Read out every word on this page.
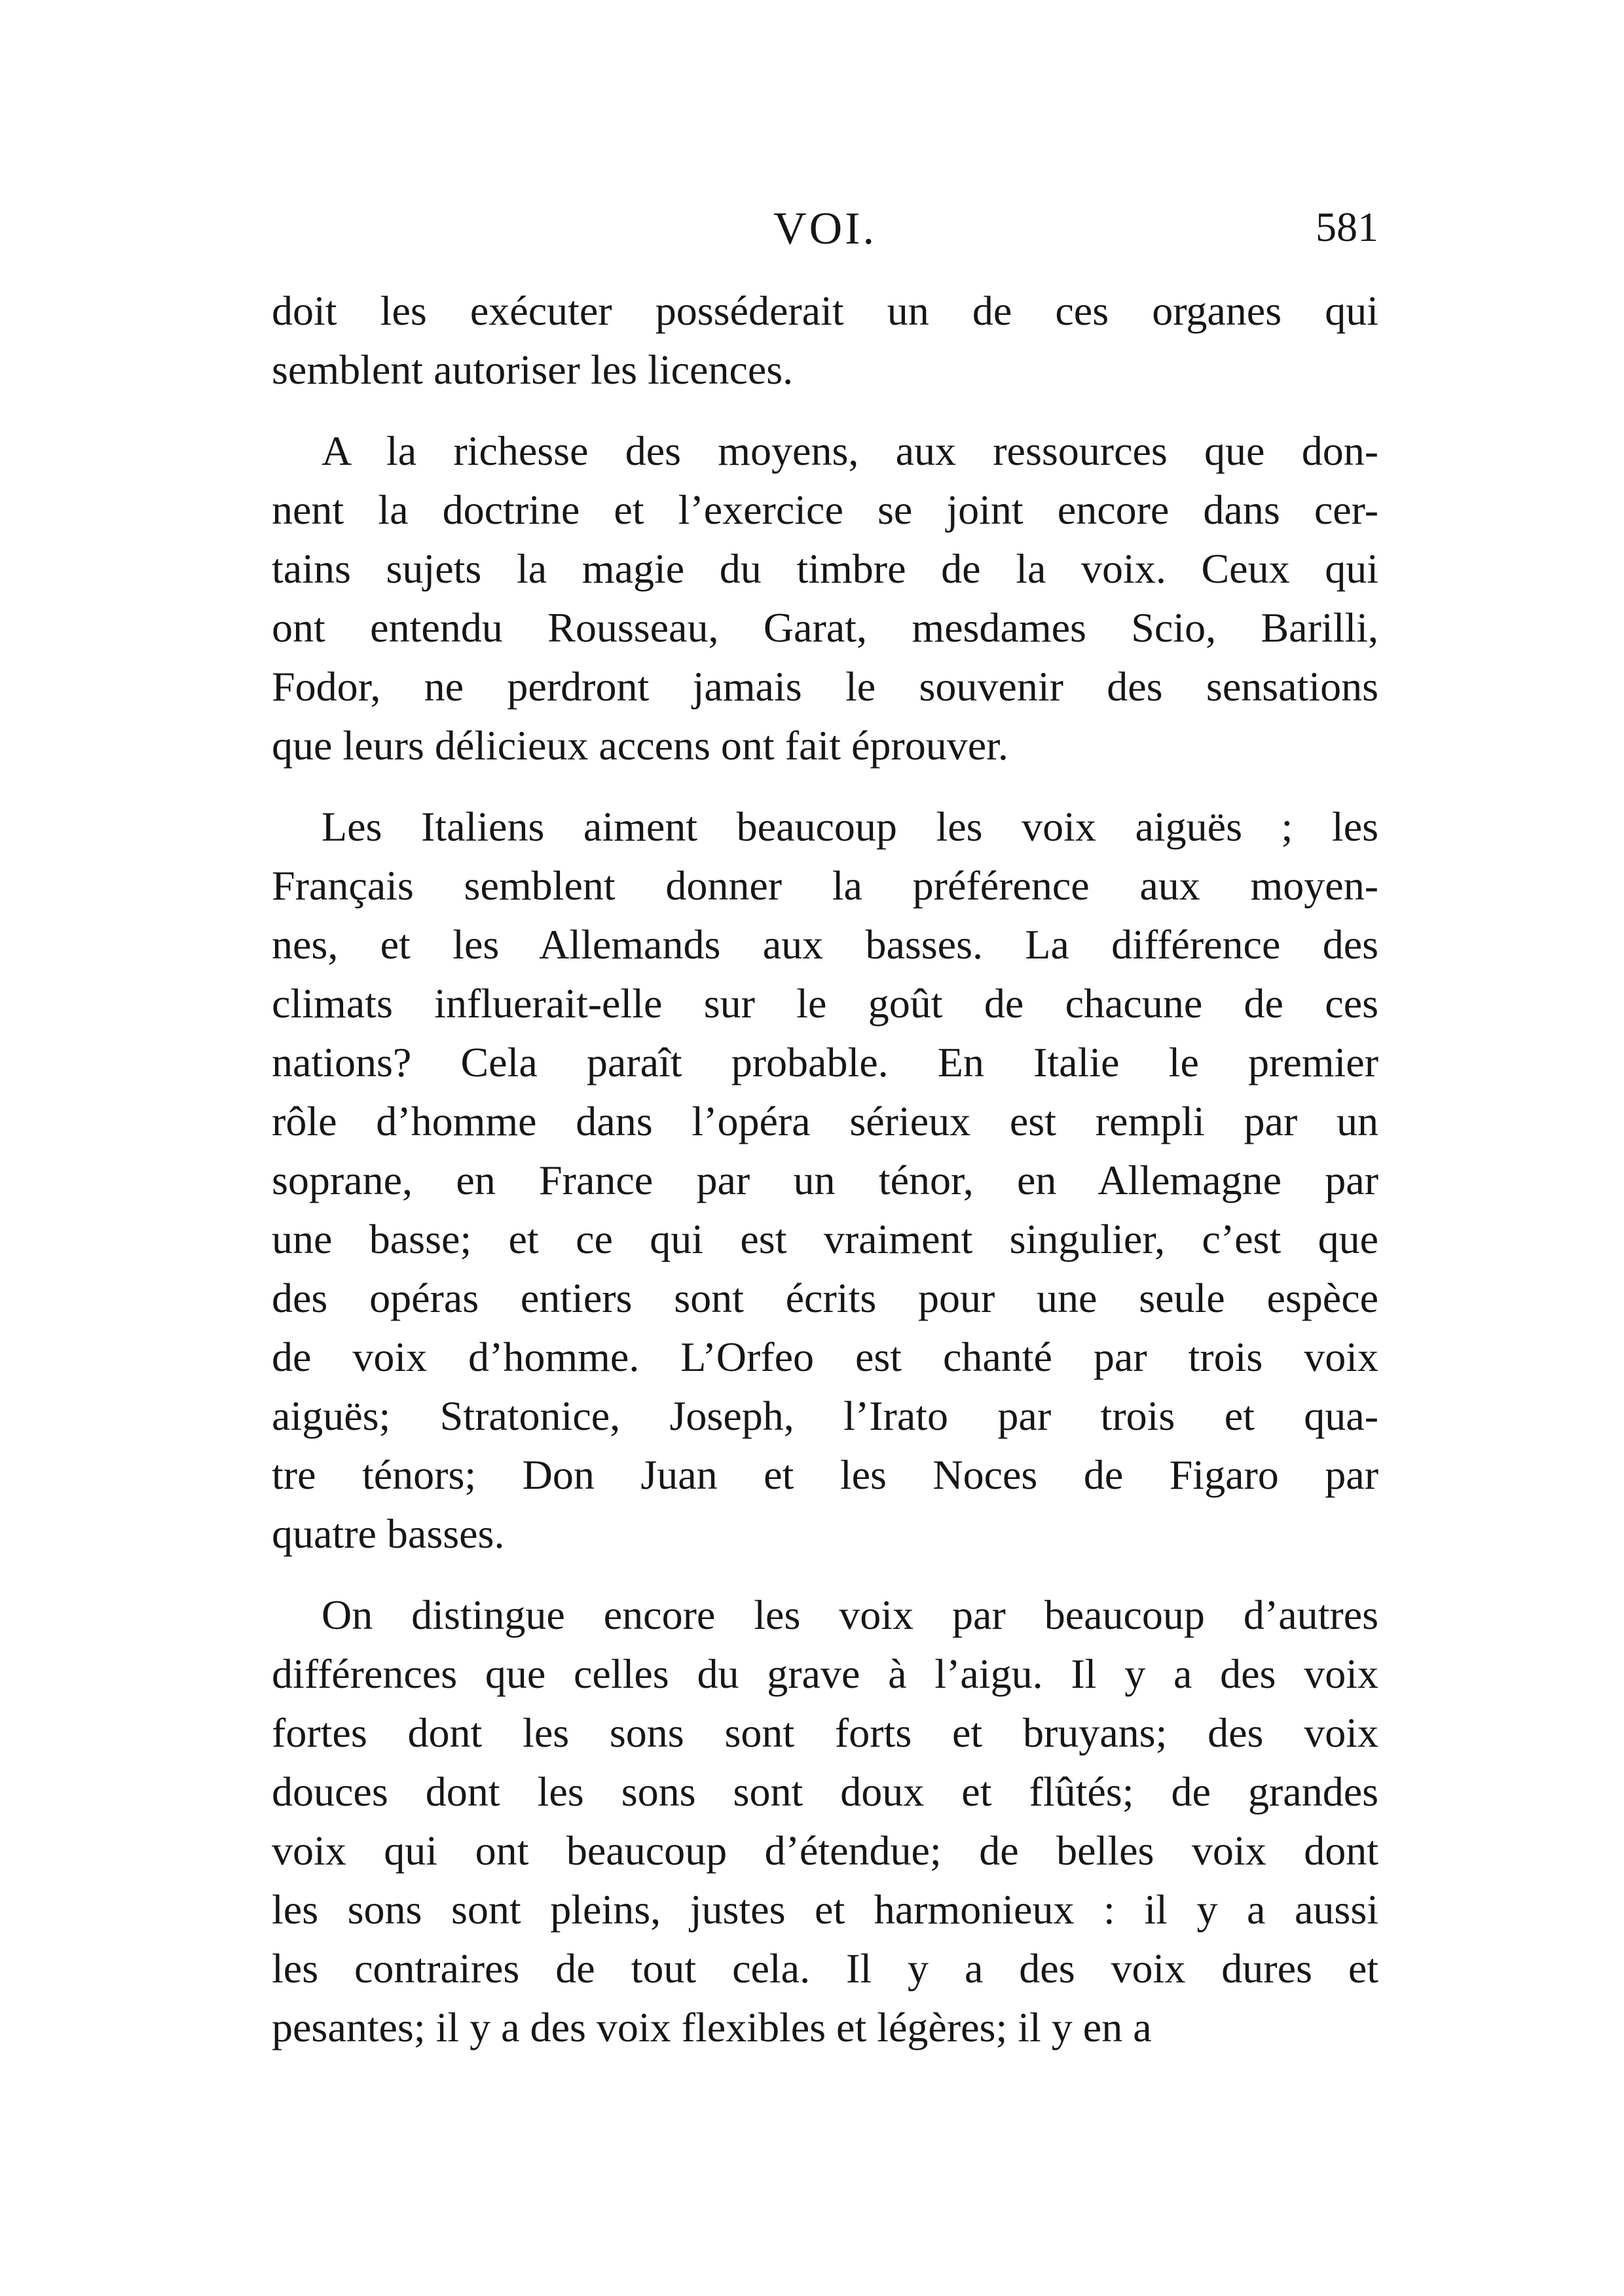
VOI.	581
doit les exécuter posséderait un de ces organes qui
semblent autoriser les licences.
A la richesse des moyens, aux ressources que don-
nent la doctrine et l’exercice se joint encore dans cer-
tains sujets la magie du timbre de la voix. Ceux qui
ont entendu Rousseau, Garat, mesdames Scio, Barilli,
Fodor, ne perdront jamais le souvenir des sensations
que leurs délicieux accens ont fait éprouver.
Les Italiens aiment beaucoup les voix aiguës ; les
Français semblent donner la préférence aux moyen-
nes, et les Allemands aux basses. La différence des
climats influerait-elle sur le goût de chacune de ces
nations? Cela paraît probable. En Italie le premier
rôle d’homme dans l’opéra sérieux est rempli par un
soprane, en France par un ténor, en Allemagne par
une basse; et ce qui est vraiment singulier, c’est que
des opéras entiers sont écrits pour une seule espèce
de voix d’homme. L’Orfeo est chanté par trois voix
aiguës; Stratonice, Joseph, l’Irato par trois et qua-
tre ténors; Don Juan et les Noces de Figaro par
quatre basses.
On distingue encore les voix par beaucoup d’autres
différences que celles du grave à l’aigu. Il y a des voix
fortes dont les sons sont forts et bruyans; des voix
douces dont les sons sont doux et flûtés; de grandes
voix qui ont beaucoup d’étendue; de belles voix dont
les sons sont pleins, justes et harmonieux : il y a aussi
les contraires de tout cela. Il y a des voix dures et
pesantes; il y a des voix flexibles et légères; il y en a
